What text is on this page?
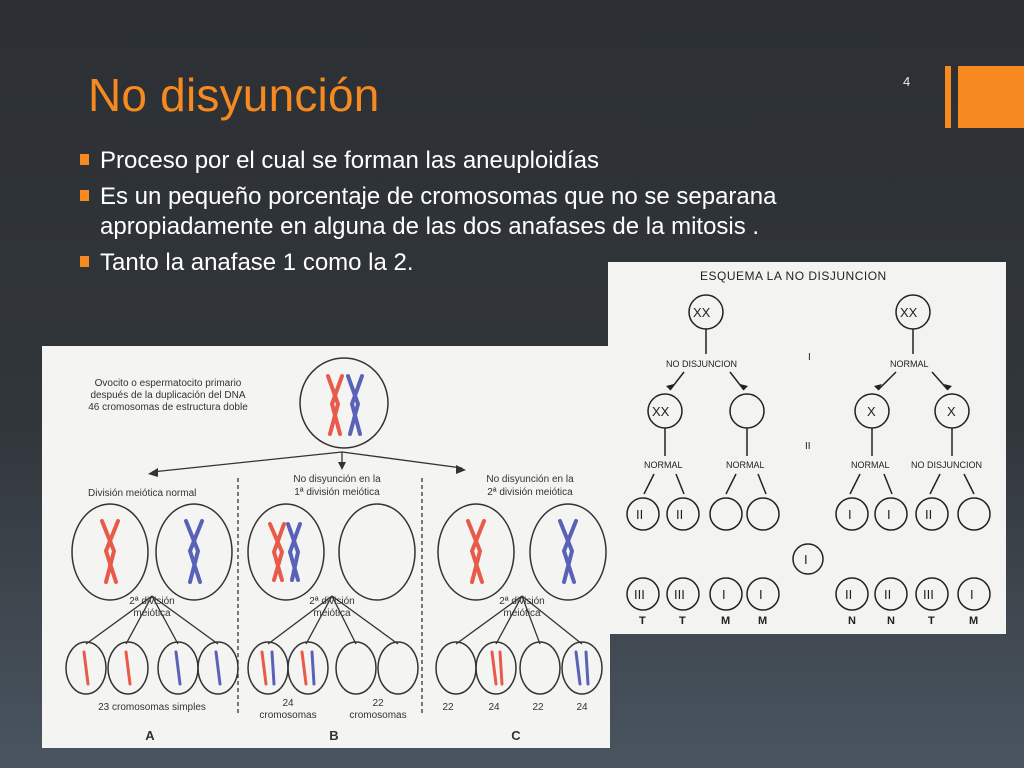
No disyunción	4
Proceso por el cual se forman las aneuploidías
Es un pequeño porcentaje de cromosomas que no se separana apropiadamente en alguna de las dos anafases de la mitosis .
Tanto la anafase 1 como la 2.	ESQUEMA LA NO DISJUNCION
XX	XX
NO DISJUNCION	NORMAL
I
II
XX	X	X
NORMAL	NORMAL	NORMAL NO DISJUNCION
II	II	I	I	II
I
III III	I	I	II II III	I
T	T	M	M	N	N	T	M
Ovocito o espermatocito primario
después de la duplicación del DNA
46 cromosomas de estructura doble
División meiótica normal
No disyunción en la
1ª división meiótica
No disyunción en la
2ª división meiótica
2ª división
meiótica
2ª división
meiótica
2ª división
meiótica
23 cromosomas simples	24
cromosomas
22
cromosomas
22	24	22	24
A	B	C
